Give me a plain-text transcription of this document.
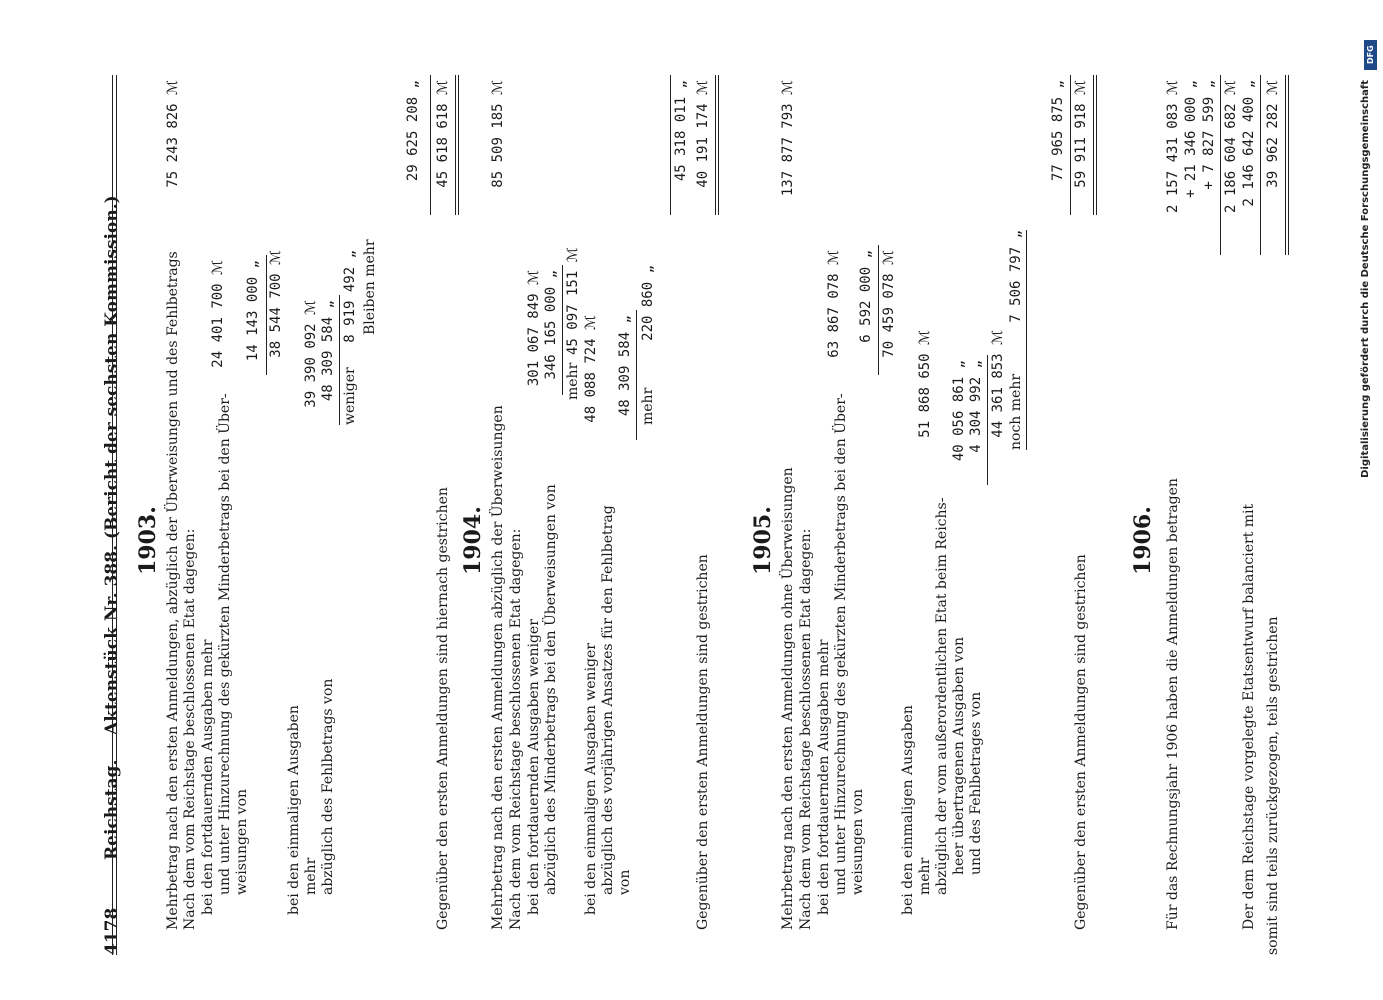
4178
Reichstag.
Aktenstück Nr. 388. (Bericht der sechsten Kommission.) 1903. Mehrbetrag nach den ersten Anmeldungen, abzüglich der Überweisungen und des Fehlbetrags
75 243 826 ℳ
Nach dem vom Reichstage beschlossenen Etat dagegen: bei den fortdauernden Ausgaben mehr
24 401 700 ℳ
und unter Hinzurechnung des gekürzten Minderbetrags bei den Über- weisungen von
14 143 000 „ 38 544 700 ℳ
bei den einmaligen Ausgaben mehr
39 390 092 ℳ
abzüglich des Fehlbetrags von
48 309 584 „ weniger
8 919 492 „ Bleiben mehr
29 625 208 „
Gegenüber den ersten Anmeldungen sind hiernach gestrichen
45 618 618 ℳ
1904. Mehrbetrag nach den ersten Anmeldungen abzüglich der Überweisungen
85 509 185 ℳ
Nach dem vom Reichstage beschlossenen Etat dagegen: bei den fortdauernden Ausgaben weniger
301 067 849 ℳ
abzüglich des Minderbetrags bei den Überweisungen von
346 165 000 „
mehr
45 097 151 ℳ
bei den einmaligen Ausgaben weniger
48 088 724 ℳ
abzüglich des vorjährigen Ansatzes für den Fehlbetrag von
48 309 584 „ mehr
220 860 „
45 318 011 „
Gegenüber den ersten Anmeldungen sind gestrichen
40 191 174 ℳ
1905. Mehrbetrag nach den ersten Anmeldungen ohne Überweisungen
137 877 793 ℳ
Nach dem vom Reichstage beschlossenen Etat dagegen: bei den fortdauernden Ausgaben mehr
63 867 078 ℳ
und unter Hinzurechnung des gekürzten Minderbetrags bei den Über- weisungen von
6 592 000 „ 70 459 078 ℳ
bei den einmaligen Ausgaben mehr
51 868 650 ℳ
abzüglich der vom außerordentlichen Etat beim Reichs- heer übertragenen Ausgaben von
40 056 861 „
und des Fehlbetrages von
4 304 992 „ 44 361 853 ℳ noch mehr
7 506 797 „
77 965 875 „
Gegenüber den ersten Anmeldungen sind gestrichen
59 911 918 ℳ
1906. Für das Rechnungsjahr 1906 haben die Anmeldungen betragen
2 157 431 083 ℳ + 21 346 000 „ + 7 827 599 „ 2 186 604 682 ℳ
Der dem Reichstage vorgelegte Etatsentwurf balanciert mit
2 146 642 400 „
somit sind teils zurückgezogen, teils gestrichen
39 962 282 ℳ
DFG
Digitalisierung gefördert durch die Deutsche Forschungsgemeinschaft
